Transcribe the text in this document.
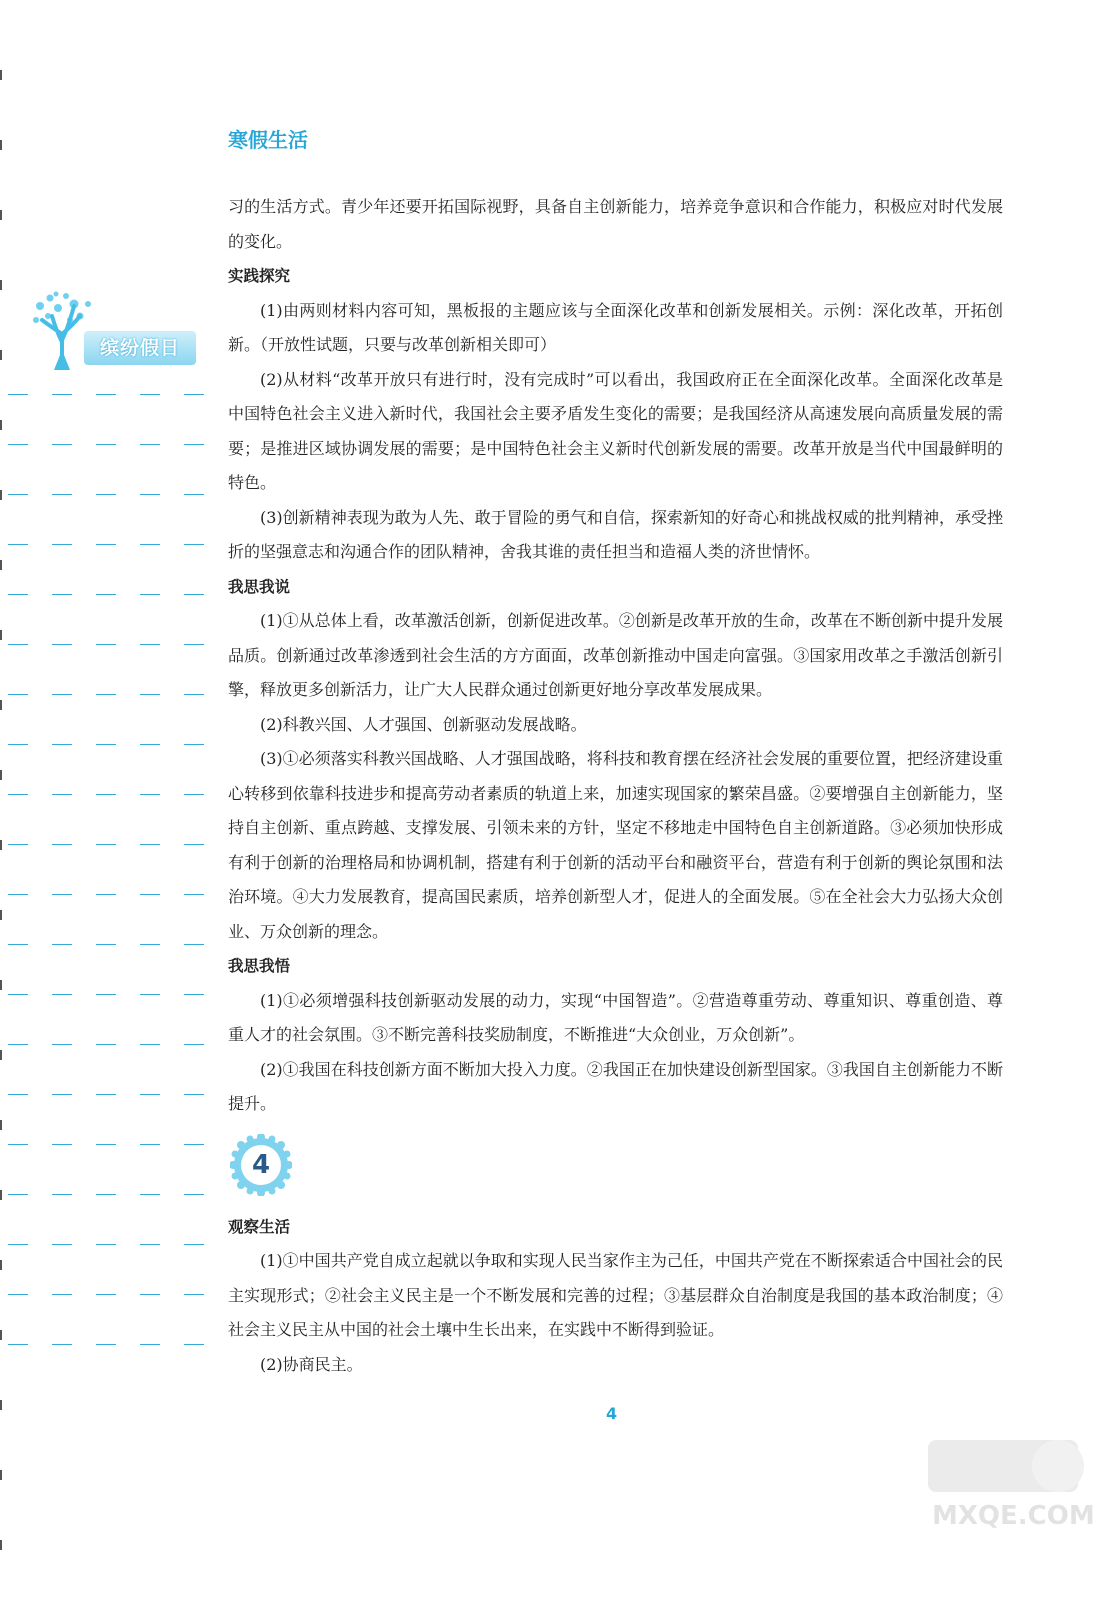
缤纷假日
寒假生活

习的生活方式。青少年还要开拓国际视野，具备自主创新能力，培养竞争意识和合作能力，积极应对时代发展的变化。

实践探究

(1)由两则材料内容可知，黑板报的主题应该与全面深化改革和创新发展相关。示例：深化改革，开拓创新。（开放性试题，只要与改革创新相关即可）

(2)从材料“改革开放只有进行时，没有完成时”可以看出，我国政府正在全面深化改革。全面深化改革是中国特色社会主义进入新时代，我国社会主要矛盾发生变化的需要；是我国经济从高速发展向高质量发展的需要；是推进区域协调发展的需要；是中国特色社会主义新时代创新发展的需要。改革开放是当代中国最鲜明的特色。

(3)创新精神表现为敢为人先、敢于冒险的勇气和自信，探索新知的好奇心和挑战权威的批判精神，承受挫折的坚强意志和沟通合作的团队精神，舍我其谁的责任担当和造福人类的济世情怀。

我思我说

(1)①从总体上看，改革激活创新，创新促进改革。②创新是改革开放的生命，改革在不断创新中提升发展品质。创新通过改革渗透到社会生活的方方面面，改革创新推动中国走向富强。③国家用改革之手激活创新引擎，释放更多创新活力，让广大人民群众通过创新更好地分享改革发展成果。

(2)科教兴国、人才强国、创新驱动发展战略。

(3)①必须落实科教兴国战略、人才强国战略，将科技和教育摆在经济社会发展的重要位置，把经济建设重心转移到依靠科技进步和提高劳动者素质的轨道上来，加速实现国家的繁荣昌盛。②要增强自主创新能力，坚持自主创新、重点跨越、支撑发展、引领未来的方针，坚定不移地走中国特色自主创新道路。③必须加快形成有利于创新的治理格局和协调机制，搭建有利于创新的活动平台和融资平台，营造有利于创新的舆论氛围和法治环境。④大力发展教育，提高国民素质，培养创新型人才，促进人的全面发展。⑤在全社会大力弘扬大众创业、万众创新的理念。

我思我悟

(1)①必须增强科技创新驱动发展的动力，实现“中国智造”。②营造尊重劳动、尊重知识、尊重创造、尊重人才的社会氛围。③不断完善科技奖励制度，不断推进“大众创业，万众创新”。

(2)①我国在科技创新方面不断加大投入力度。②我国正在加快建设创新型国家。③我国自主创新能力不断提升。

4

观察生活

(1)①中国共产党自成立起就以争取和实现人民当家作主为己任，中国共产党在不断探索适合中国社会的民主实现形式；②社会主义民主是一个不断发展和完善的过程；③基层群众自治制度是我国的基本政治制度；④社会主义民主从中国的社会土壤中生长出来，在实践中不断得到验证。

(2)协商民主。

4
MXQE.COM
